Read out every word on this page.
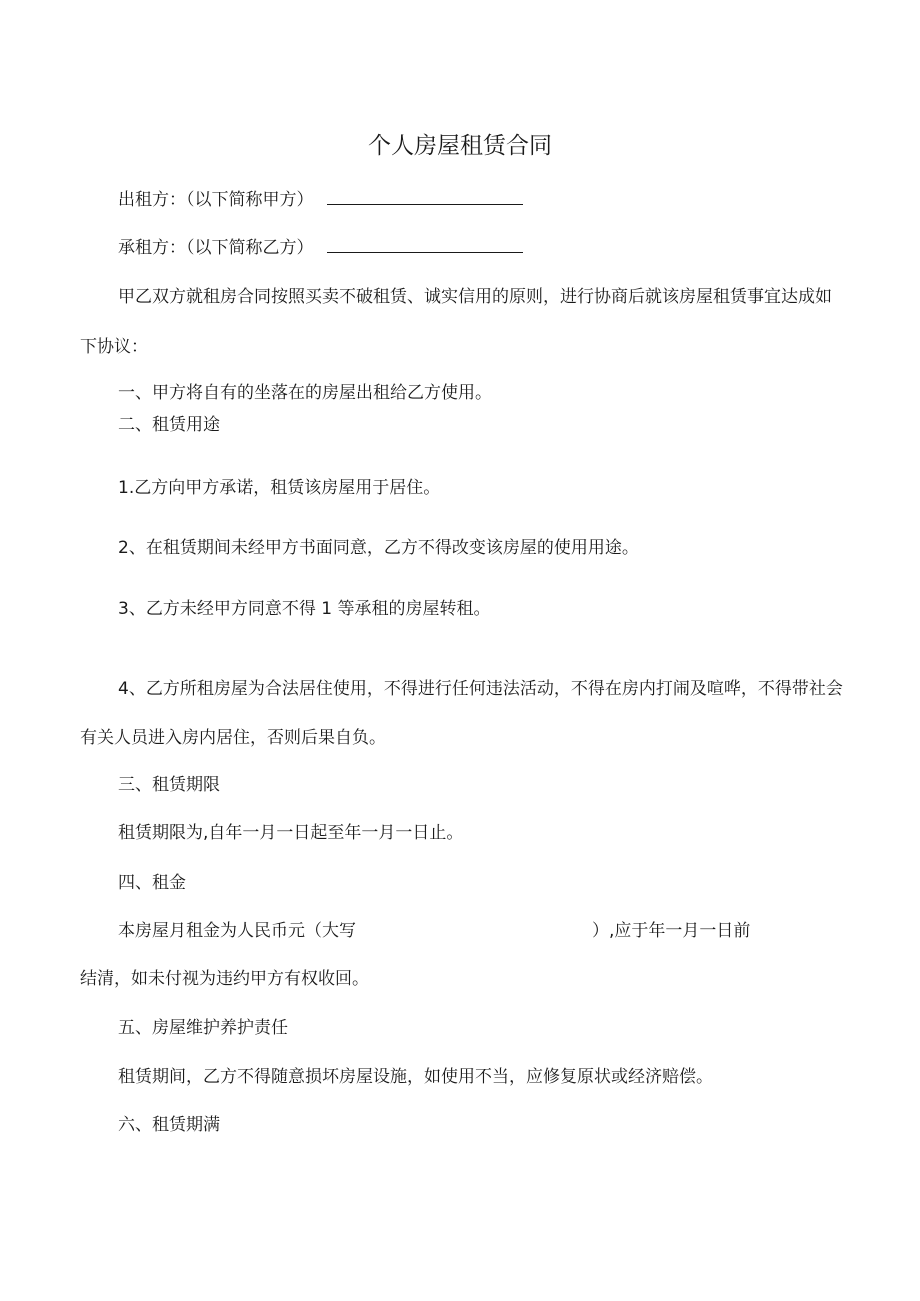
个人房屋租赁合同
出租方：（以下简称甲方）
承租方：（以下简称乙方）
甲乙双方就租房合同按照买卖不破租赁、诚实信用的原则，进行协商后就该房屋租赁事宜达成如
下协议：
一、甲方将自有的坐落在的房屋出租给乙方使用。
二、租赁用途
1.乙方向甲方承诺，租赁该房屋用于居住。
2、在租赁期间未经甲方书面同意，乙方不得改变该房屋的使用用途。
3、乙方未经甲方同意不得 1 等承租的房屋转租。
4、乙方所租房屋为合法居住使用，不得进行任何违法活动，不得在房内打闹及喧哗，不得带社会
有关人员进入房内居住，否则后果自负。
三、租赁期限
租赁期限为,自年一月一日起至年一月一日止。
四、租金
本房屋月租金为人民币元（大写	）,应于年一月一日前
结清，如未付视为违约甲方有权收回。
五、房屋维护养护责任
租赁期间，乙方不得随意损坏房屋设施，如使用不当，应修复原状或经济赔偿。
六、租赁期满
